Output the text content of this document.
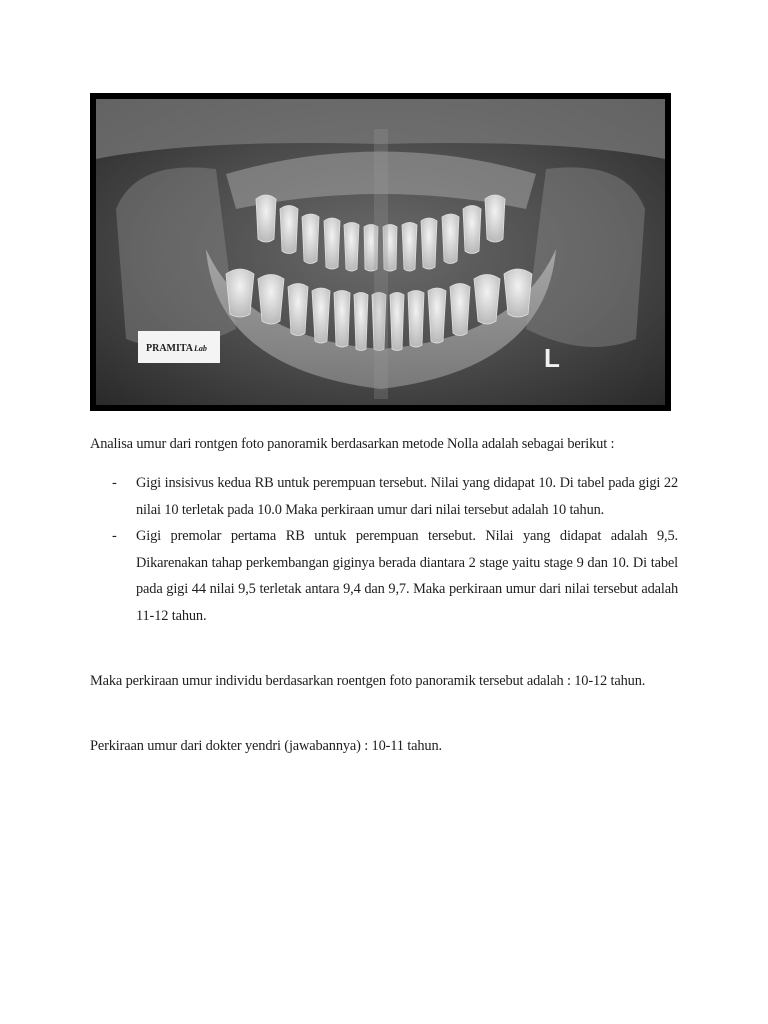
PRAMITA Lab	L

Analisa umur dari rontgen foto panoramik berdasarkan metode Nolla adalah sebagai berikut :

- Gigi insisivus kedua RB untuk perempuan tersebut. Nilai yang didapat 10. Di tabel pada gigi 22 nilai 10 terletak pada 10.0 Maka perkiraan umur dari nilai tersebut adalah 10 tahun.
- Gigi premolar pertama RB untuk perempuan tersebut. Nilai yang didapat adalah 9,5. Dikarenakan tahap perkembangan giginya berada diantara 2 stage yaitu stage 9 dan 10. Di tabel pada gigi 44 nilai 9,5 terletak antara 9,4 dan 9,7. Maka perkiraan umur dari nilai tersebut adalah 11-12 tahun.

Maka perkiraan umur individu berdasarkan roentgen foto panoramik tersebut adalah : 10-12 tahun.

Perkiraan umur dari dokter yendri (jawabannya) : 10-11 tahun.
